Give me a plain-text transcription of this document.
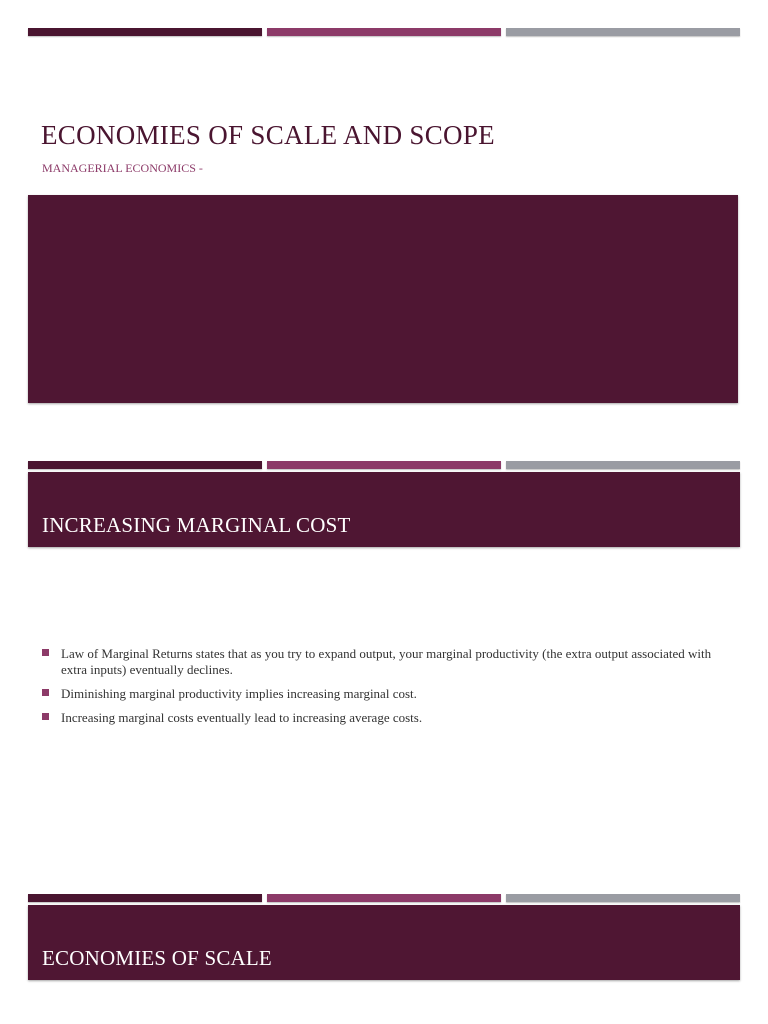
ECONOMIES OF SCALE AND SCOPE
MANAGERIAL ECONOMICS -
INCREASING MARGINAL COST
Law of Marginal Returns states that as you try to expand output, your marginal productivity (the extra output associated with extra inputs) eventually declines.
Diminishing marginal productivity implies increasing marginal cost.
Increasing marginal costs eventually lead to increasing average costs.
ECONOMIES OF SCALE
